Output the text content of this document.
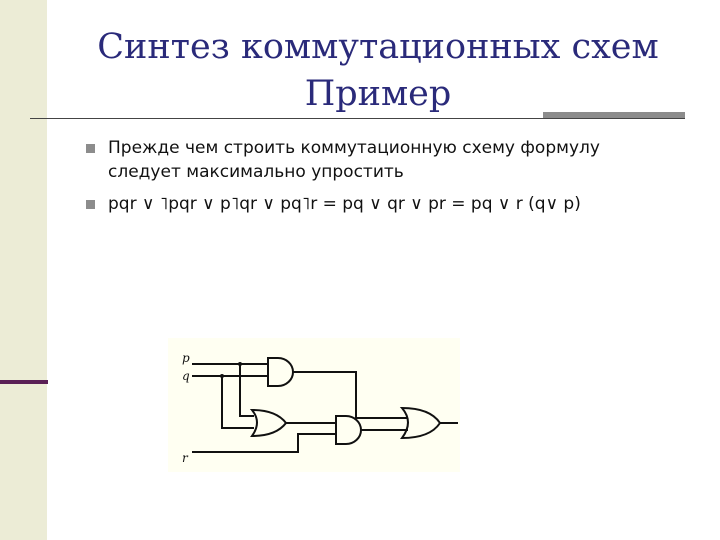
Синтез коммутационных схем
Пример
Прежде чем строить коммутационную схему формулу
следует максимально упростить
pqr ∨ ˥pqr ∨ p˥qr ∨ pq˥r = pq ∨ qr ∨ pr = pq ∨ r (q∨ p)
p
q
r
